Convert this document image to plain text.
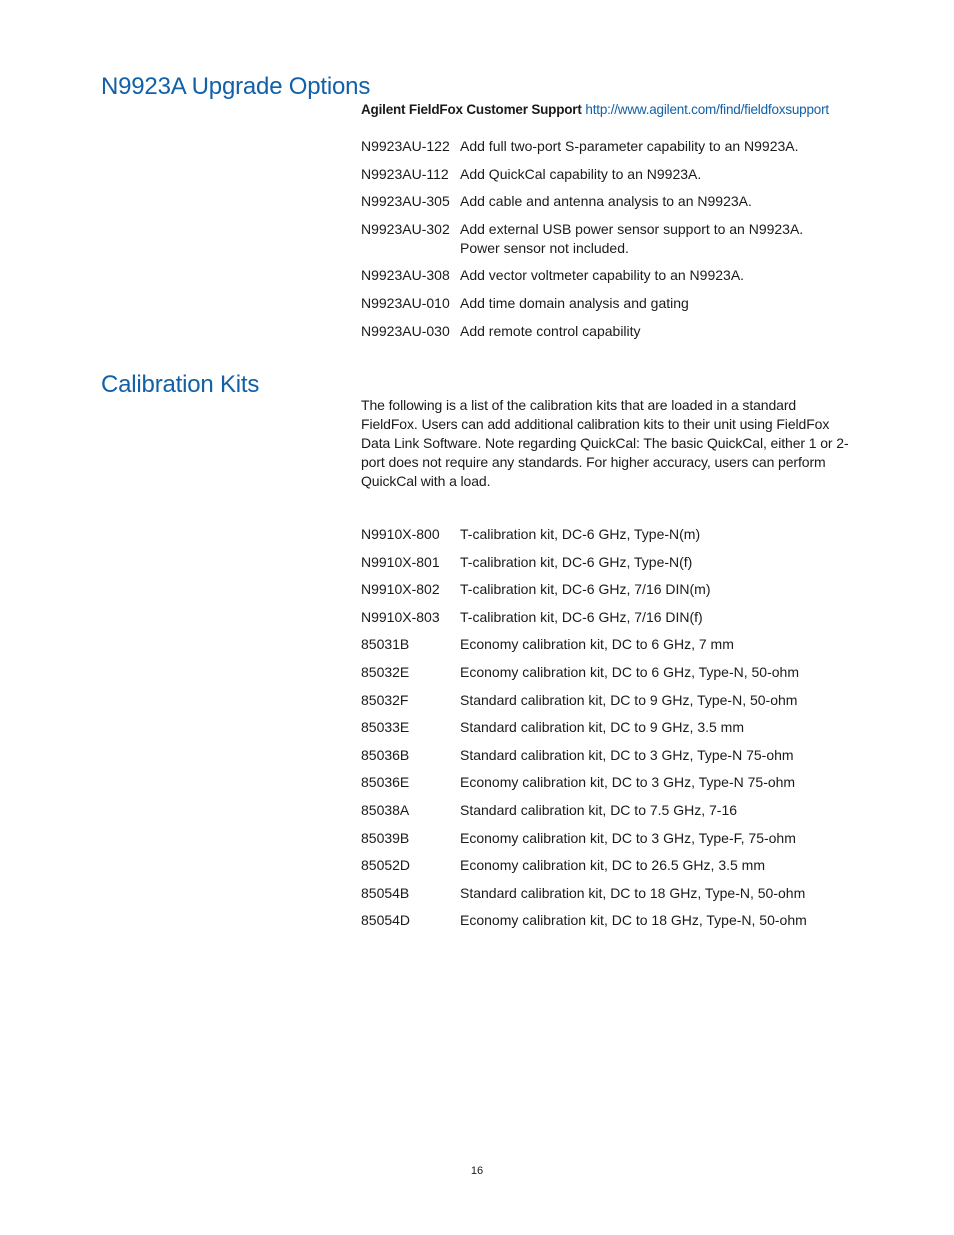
N9923A Upgrade Options
Agilent FieldFox Customer Support http://www.agilent.com/find/fieldfoxsupport
N9923AU-122 Add full two-port S-parameter capability to an N9923A.
N9923AU-112 Add QuickCal capability to an N9923A.
N9923AU-305 Add cable and antenna analysis to an N9923A.
N9923AU-302 Add external USB power sensor support to an N9923A.
Power sensor not included.
N9923AU-308 Add vector voltmeter capability to an N9923A.
N9923AU-010 Add time domain analysis and gating
N9923AU-030 Add remote control capability
Calibration Kits

The following is a list of the calibration kits that are loaded in a standard FieldFox. Users can add additional calibration kits to their unit using FieldFox Data Link Software. Note regarding QuickCal: The basic QuickCal, either 1 or 2-port does not require any standards. For higher accuracy, users can perform QuickCal with a load.

N9910X-800 T-calibration kit, DC-6 GHz, Type-N(m)
N9910X-801 T-calibration kit, DC-6 GHz, Type-N(f)
N9910X-802 T-calibration kit, DC-6 GHz, 7/16 DIN(m)
N9910X-803 T-calibration kit, DC-6 GHz, 7/16 DIN(f)
85031B	Economy calibration kit, DC to 6 GHz, 7 mm
85032E	Economy calibration kit, DC to 6 GHz, Type-N, 50-ohm
85032F	Standard calibration kit, DC to 9 GHz, Type-N, 50-ohm
85033E	Standard calibration kit, DC to 9 GHz, 3.5 mm
85036B	Standard calibration kit, DC to 3 GHz, Type-N 75-ohm
85036E	Economy calibration kit, DC to 3 GHz, Type-N 75-ohm
85038A	Standard calibration kit, DC to 7.5 GHz, 7-16
85039B	Economy calibration kit, DC to 3 GHz, Type-F, 75-ohm
85052D	Economy calibration kit, DC to 26.5 GHz, 3.5 mm
85054B	Standard calibration kit, DC to 18 GHz, Type-N, 50-ohm
85054D	Economy calibration kit, DC to 18 GHz, Type-N, 50-ohm
16
